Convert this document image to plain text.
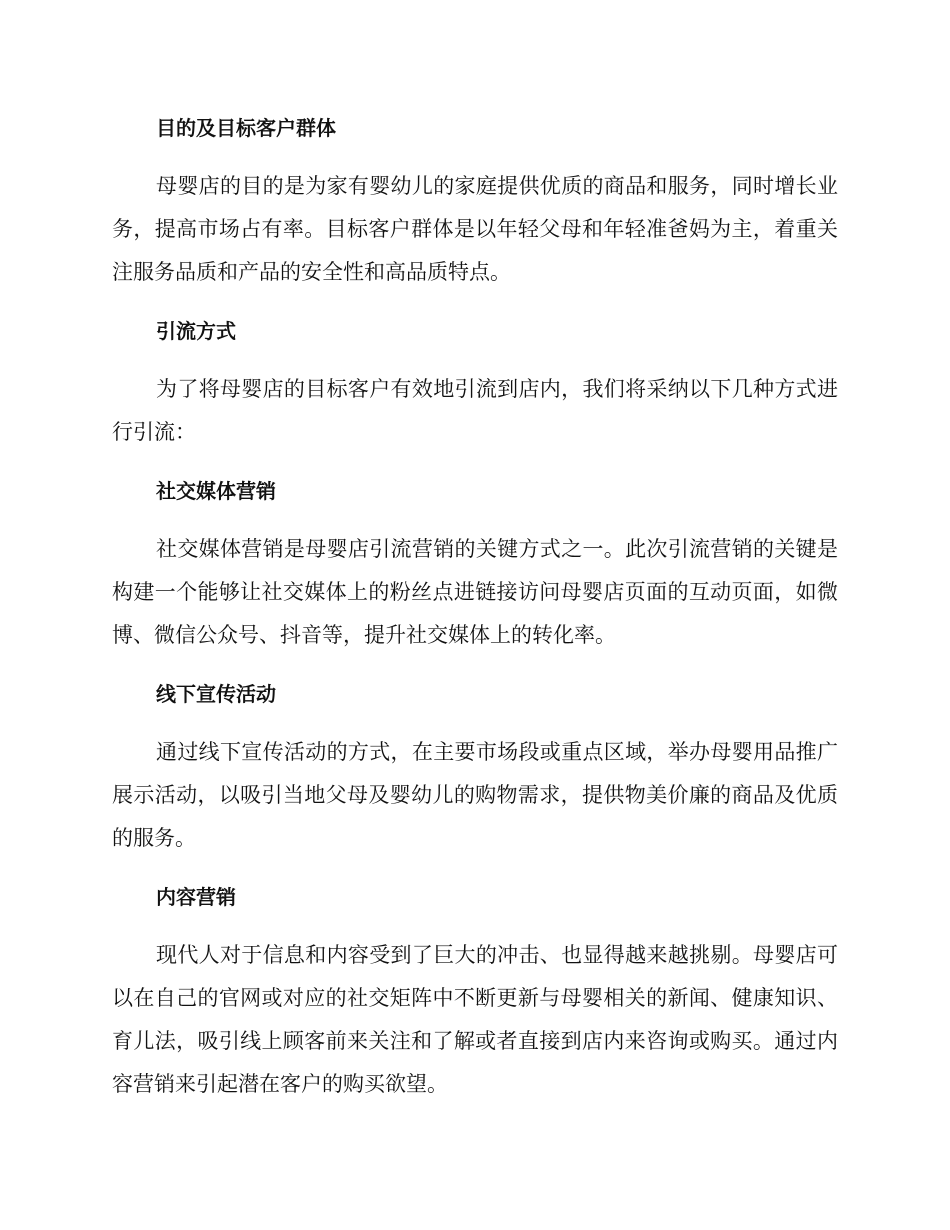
目的及目标客户群体

母婴店的目的是为家有婴幼儿的家庭提供优质的商品和服务，同时增长业务，提高市场占有率。目标客户群体是以年轻父母和年轻准爸妈为主，着重关注服务品质和产品的安全性和高品质特点。

引流方式

为了将母婴店的目标客户有效地引流到店内，我们将采纳以下几种方式进行引流：

社交媒体营销

社交媒体营销是母婴店引流营销的关键方式之一。此次引流营销的关键是构建一个能够让社交媒体上的粉丝点进链接访问母婴店页面的互动页面，如微博、微信公众号、抖音等，提升社交媒体上的转化率。

线下宣传活动

通过线下宣传活动的方式，在主要市场段或重点区域，举办母婴用品推广展示活动，以吸引当地父母及婴幼儿的购物需求，提供物美价廉的商品及优质的服务。

内容营销

现代人对于信息和内容受到了巨大的冲击、也显得越来越挑剔。母婴店可以在自己的官网或对应的社交矩阵中不断更新与母婴相关的新闻、健康知识、育儿法，吸引线上顾客前来关注和了解或者直接到店内来咨询或购买。通过内容营销来引起潜在客户的购买欲望。
